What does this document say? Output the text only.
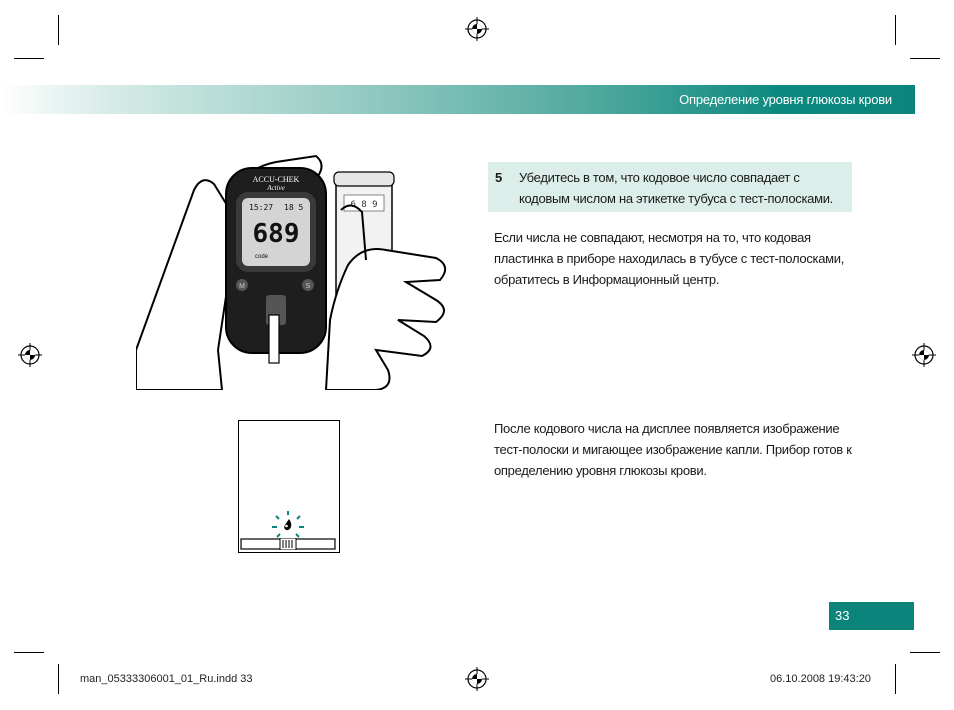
Определение уровня глюкозы крови
ACCU-CHEK
Active
15:27 18 5
689
code
M	S
6 8 9
5 Убедитесь в том, что кодовое число совпадает с кодовым числом на этикетке тубуса с тест-полосками.
Если числа не совпадают, несмотря на то, что кодовая пластинка в приборе находилась в тубусе с тест-полосками, обратитесь в Информационный центр.
После кодового числа на дисплее появляется изображение тест-полоски и мигающее изображение капли. Прибор готов к определению уровня глюкозы крови.
33
man_05333306001_01_Ru.indd 33	06.10.2008 19:43:20
